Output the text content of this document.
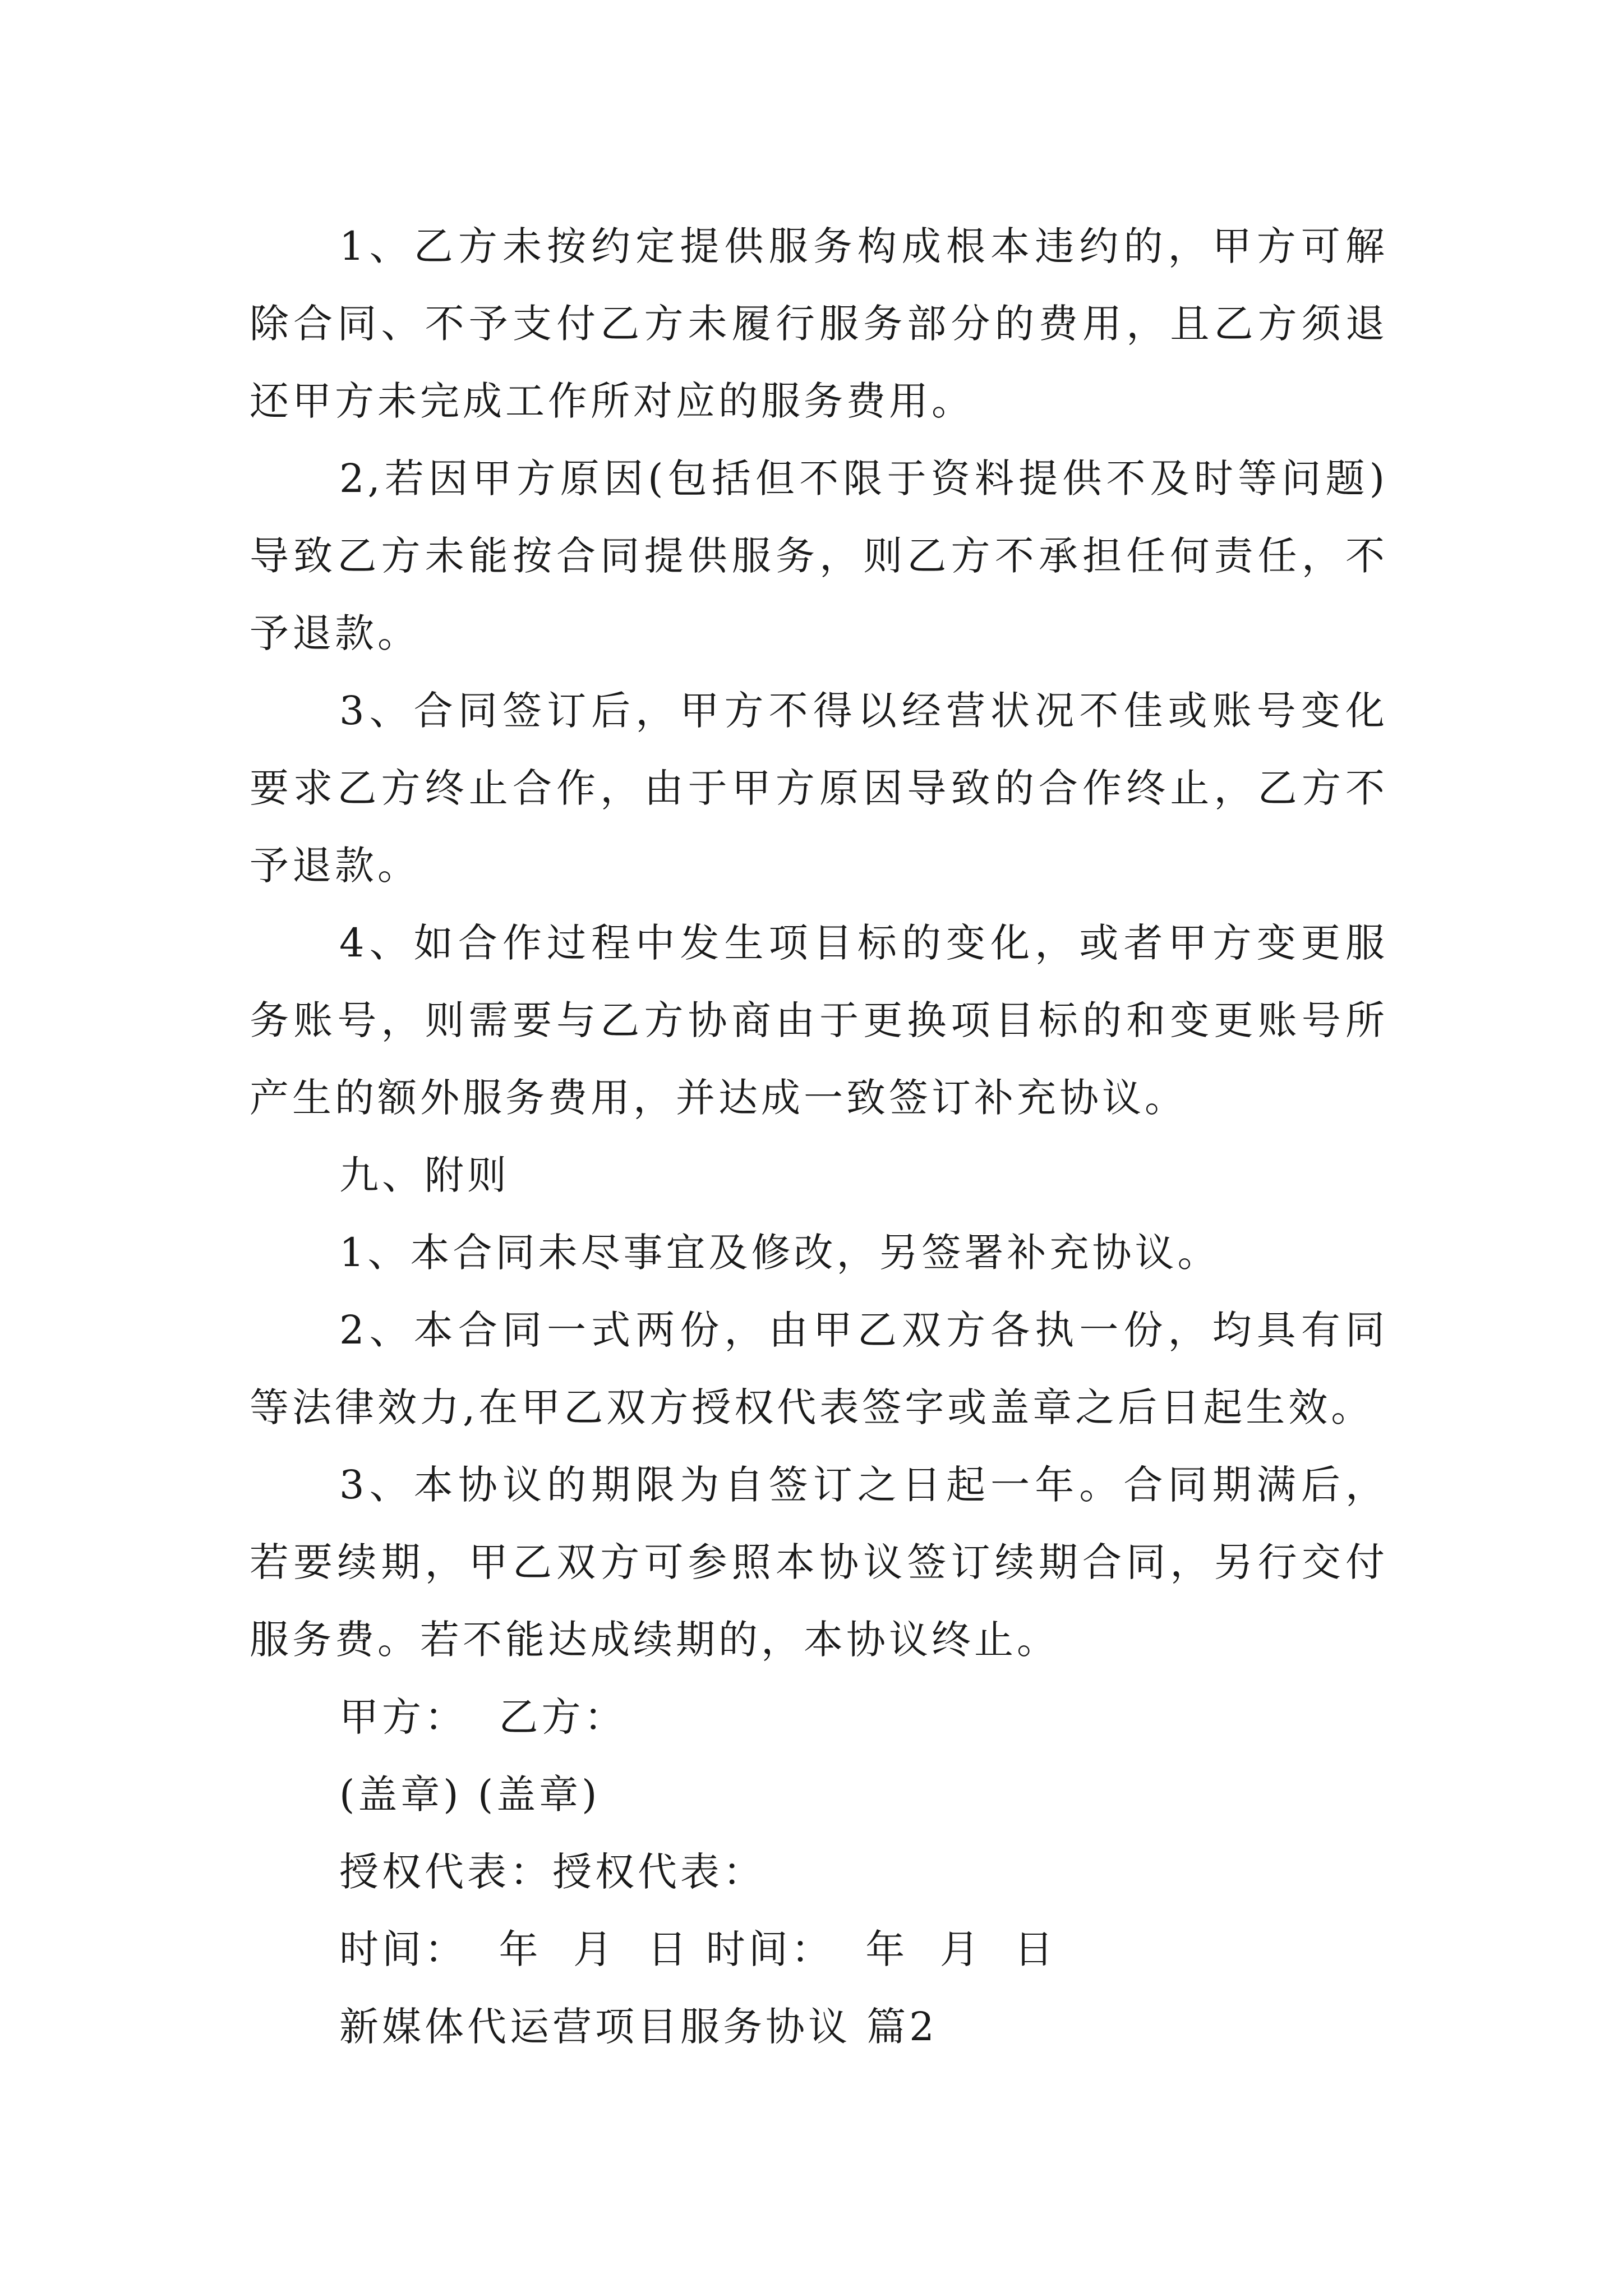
1、乙方未按约定提供服务构成根本违约的，甲方可解除合同、不予支付乙方未履行服务部分的费用，且乙方须退还甲方未完成工作所对应的服务费用。

2,若因甲方原因(包括但不限于资料提供不及时等问题)导致乙方未能按合同提供服务，则乙方不承担任何责任，不予退款。

3、合同签订后，甲方不得以经营状况不佳或账号变化要求乙方终止合作，由于甲方原因导致的合作终止，乙方不予退款。

4、如合作过程中发生项目标的变化，或者甲方变更服务账号，则需要与乙方协商由于更换项目标的和变更账号所产生的额外服务费用，并达成一致签订补充协议。

九、附则

1、本合同未尽事宜及修改，另签署补充协议。

2、本合同一式两份，由甲乙双方各执一份，均具有同等法律效力,在甲乙双方授权代表签字或盖章之后日起生效。

3、本协议的期限为自签订之日起一年。合同期满后，若要续期，甲乙双方可参照本协议签订续期合同，另行交付服务费。若不能达成续期的，本协议终止。

甲方：  乙方：

(盖章) (盖章)

授权代表：授权代表：

时间：  年  月  日 时间：  年  月  日

新媒体代运营项目服务协议 篇2
